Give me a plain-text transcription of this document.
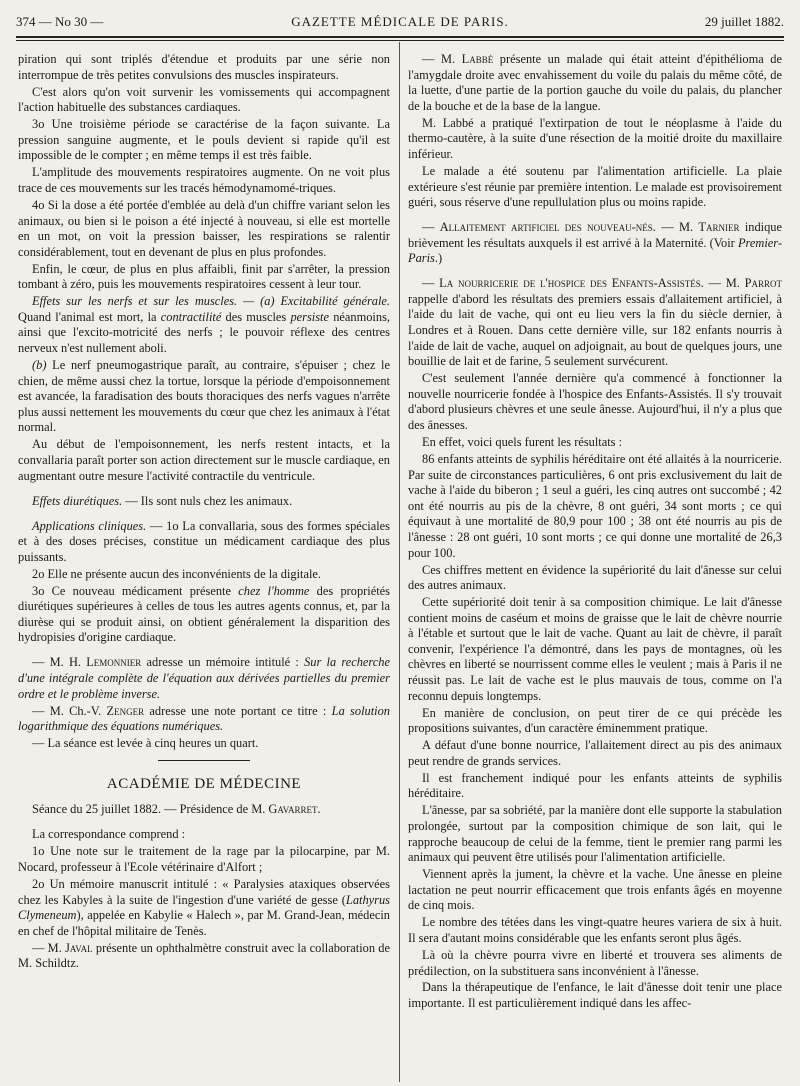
374 — No 30 —	GAZETTE MÉDICALE DE PARIS.	29 juillet 1882.

piration qui sont triplés d'étendue et produits par une série non interrompue de très petites convulsions des muscles inspirateurs.

C'est alors qu'on voit survenir les vomissements qui accompagnent l'action habituelle des substances cardiaques.

3o Une troisième période se caractérise de la façon suivante. La pression sanguine augmente, et le pouls devient si rapide qu'il est impossible de le compter ; en même temps il est très faible.

L'amplitude des mouvements respiratoires augmente. On ne voit plus trace de ces mouvements sur les tracés hémodynamomé-triques.

4o Si la dose a été portée d'emblée au delà d'un chiffre variant selon les animaux, ou bien si le poison a été injecté à nouveau, si elle est mortelle en un mot, on voit la pression baisser, les respirations se ralentir considérablement, tout en devenant de plus en plus profondes.

Enfin, le cœur, de plus en plus affaibli, finit par s'arrêter, la pression tombant à zéro, puis les mouvements respiratoires cessent à leur tour.

Effets sur les nerfs et sur les muscles. — (a) Excitabilité générale. Quand l'animal est mort, la contractilité des muscles persiste néanmoins, ainsi que l'excito-motricité des nerfs ; le pouvoir réflexe des centres nerveux n'est nullement aboli.

(b) Le nerf pneumogastrique paraît, au contraire, s'épuiser ; chez le chien, de même aussi chez la tortue, lorsque la période d'empoisonnement est avancée, la faradisation des bouts thoraciques des nerfs vagues n'arrête plus aussi nettement les mouvements du cœur que chez les animaux à l'état normal.

Au début de l'empoisonnement, les nerfs restent intacts, et la convallaria paraît porter son action directement sur le muscle cardiaque, en augmentant outre mesure l'activité contractile du ventricule.

Effets diurétiques. — Ils sont nuls chez les animaux.

Applications cliniques. — 1o La convallaria, sous des formes spéciales et à des doses précises, constitue un médicament cardiaque des plus puissants.

2o Elle ne présente aucun des inconvénients de la digitale.

3o Ce nouveau médicament présente chez l'homme des propriétés diurétiques supérieures à celles de tous les autres agents connus, et, par la diurèse qui se produit ainsi, on obtient généralement la disparition des hydropisies d'origine cardiaque.

— M. H. Lemonnier adresse un mémoire intitulé : Sur la recherche d'une intégrale complète de l'équation aux dérivées partielles du premier ordre et le problème inverse.

— M. Ch.-V. Zenger adresse une note portant ce titre : La solution logarithmique des équations numériques.

— La séance est levée à cinq heures un quart.

ACADÉMIE DE MÉDECINE

Séance du 25 juillet 1882. — Présidence de M. Gavarret.

La correspondance comprend :

1o Une note sur le traitement de la rage par la pilocarpine, par M. Nocard, professeur à l'Ecole vétérinaire d'Alfort ;

2o Un mémoire manuscrit intitulé : « Paralysies ataxiques observées chez les Kabyles à la suite de l'ingestion d'une variété de gesse (Lathyrus Clymeneum), appelée en Kabylie « Halech », par M. Grand-Jean, médecin en chef de l'hôpital militaire de Tenès.

— M. Javal présente un ophthalmètre construit avec la collaboration de M. Schildtz.

— M. Labbé présente un malade qui était atteint d'épithélioma de l'amygdale droite avec envahissement du voile du palais du même côté, de la luette, d'une partie de la portion gauche du voile du palais, du plancher de la bouche et de la base de la langue.

M. Labbé a pratiqué l'extirpation de tout le néoplasme à l'aide du thermo-cautère, à la suite d'une résection de la moitié droite du maxillaire inférieur.

Le malade a été soutenu par l'alimentation artificielle. La plaie extérieure s'est réunie par première intention. Le malade est provisoirement guéri, sous réserve d'une repullulation plus ou moins rapide.

— Allaitement artificiel des nouveau-nés. — M. Tarnier indique brièvement les résultats auxquels il est arrivé à la Maternité. (Voir Premier-Paris.)

— La nourricerie de l'hospice des Enfants-Assistés. — M. Parrot rappelle d'abord les résultats des premiers essais d'allaitement artificiel, à l'aide du lait de vache, qui ont eu lieu vers la fin du siècle dernier, à Londres et à Rouen. Dans cette dernière ville, sur 182 enfants nourris à l'aide de lait de vache, auquel on adjoignait, au bout de quelques jours, une bouillie de lait et de farine, 5 seulement survécurent.

C'est seulement l'année dernière qu'a commencé à fonctionner la nouvelle nourricerie fondée à l'hospice des Enfants-Assistés. Il s'y trouvait d'abord plusieurs chèvres et une seule ânesse. Aujourd'hui, il n'y a plus que des ânesses.

En effet, voici quels furent les résultats :

86 enfants atteints de syphilis héréditaire ont été allaités à la nourricerie. Par suite de circonstances particulières, 6 ont pris exclusivement du lait de vache à l'aide du biberon ; 1 seul a guéri, les cinq autres ont succombé ; 42 ont été nourris au pis de la chèvre, 8 ont guéri, 34 sont morts ; ce qui équivaut à une mortalité de 80,9 pour 100 ; 38 ont été nourris au pis de l'ânesse : 28 ont guéri, 10 sont morts ; ce qui donne une mortalité de 26,3 pour 100.

Ces chiffres mettent en évidence la supériorité du lait d'ânesse sur celui des autres animaux.

Cette supériorité doit tenir à sa composition chimique. Le lait d'ânesse contient moins de caséum et moins de graisse que le lait de chèvre nourrie à l'étable et surtout que le lait de vache. Quant au lait de chèvre, il paraît convenir, l'expérience l'a démontré, dans les pays de montagnes, où les chèvres en liberté se nourrissent comme elles le veulent ; mais à Paris il ne réussit pas. Le lait de vache est le plus mauvais de tous, comme on l'a reconnu depuis longtemps.

En manière de conclusion, on peut tirer de ce qui précède les propositions suivantes, d'un caractère éminemment pratique.

A défaut d'une bonne nourrice, l'allaitement direct au pis des animaux peut rendre de grands services.

Il est franchement indiqué pour les enfants atteints de syphilis héréditaire.

L'ânesse, par sa sobriété, par la manière dont elle supporte la stabulation prolongée, surtout par la composition chimique de son lait, qui le rapproche beaucoup de celui de la femme, tient le premier rang parmi les animaux qui peuvent être utilisés pour l'alimentation artificielle.

Viennent après la jument, la chèvre et la vache. Une ânesse en pleine lactation ne peut nourrir efficacement que trois enfants âgés en moyenne de cinq mois.

Le nombre des tétées dans les vingt-quatre heures variera de six à huit. Il sera d'autant moins considérable que les enfants seront plus âgés.

Là où la chèvre pourra vivre en liberté et trouvera ses aliments de prédilection, on la substituera sans inconvénient à l'ânesse.

Dans la thérapeutique de l'enfance, le lait d'ânesse doit tenir une place importante. Il est particulièrement indiqué dans les affec-
